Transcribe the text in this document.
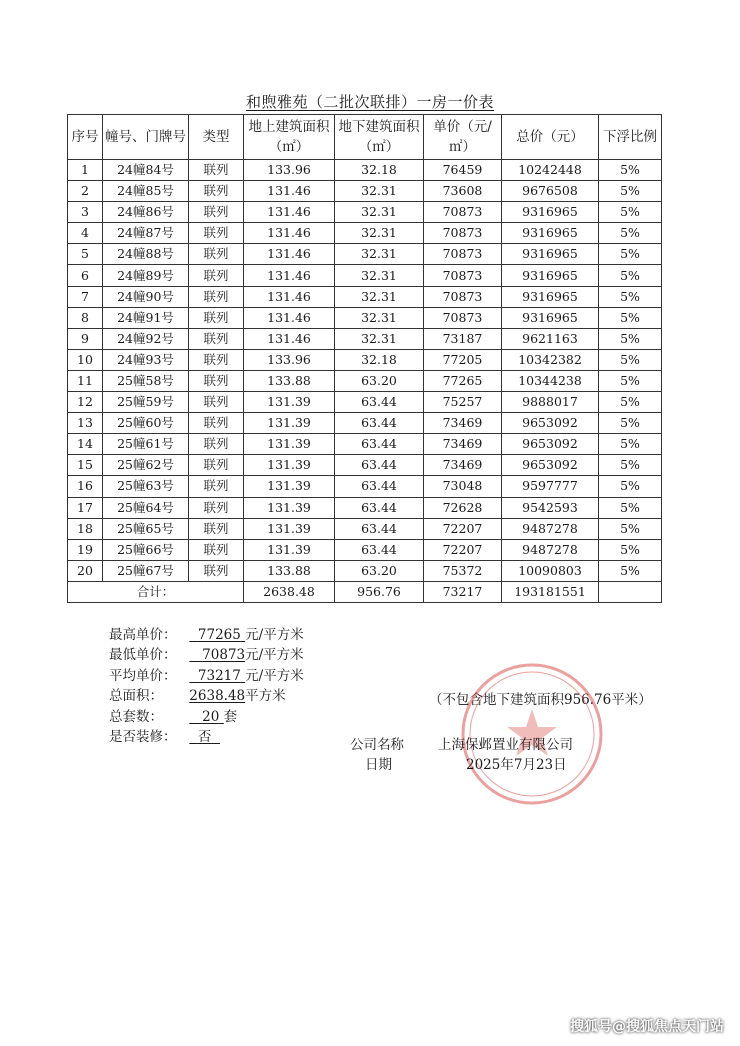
和煦雅苑（二批次联排）一房一价表
序号	幢号、门牌号	类型	地上建筑面积（㎡）	地下建筑面积（㎡）	单价（元/㎡）	总价（元）	下浮比例
1	24幢84号	联列	133.96	32.18	76459	10242448	5%
2	24幢85号	联列	131.46	32.31	73608	9676508	5%
3	24幢86号	联列	131.46	32.31	70873	9316965	5%
4	24幢87号	联列	131.46	32.31	70873	9316965	5%
5	24幢88号	联列	131.46	32.31	70873	9316965	5%
6	24幢89号	联列	131.46	32.31	70873	9316965	5%
7	24幢90号	联列	131.46	32.31	70873	9316965	5%
8	24幢91号	联列	131.46	32.31	70873	9316965	5%
9	24幢92号	联列	131.46	32.31	73187	9621163	5%
10	24幢93号	联列	133.96	32.18	77205	10342382	5%
11	25幢58号	联列	133.88	63.20	77265	10344238	5%
12	25幢59号	联列	131.39	63.44	75257	9888017	5%
13	25幢60号	联列	131.39	63.44	73469	9653092	5%
14	25幢61号	联列	131.39	63.44	73469	9653092	5%
15	25幢62号	联列	131.39	63.44	73469	9653092	5%
16	25幢63号	联列	131.39	63.44	73048	9597777	5%
17	25幢64号	联列	131.39	63.44	72628	9542593	5%
18	25幢65号	联列	131.39	63.44	72207	9487278	5%
19	25幢66号	联列	131.39	63.44	72207	9487278	5%
20	25幢67号	联列	133.88	63.20	75372	10090803	5%
合计：			2638.48	956.76	73217	193181551	
最高单价： 77265 元/平方米
最低单价： 70873元/平方米
平均单价： 73217 元/平方米
总面积： 2638.48平方米
总套数：	20 套
是否装修： 否
（不包含地下建筑面积956.76平米）
公司名称	上海保邺置业有限公司
日期	2025年7月23日
搜狐号@搜狐焦点天门站
